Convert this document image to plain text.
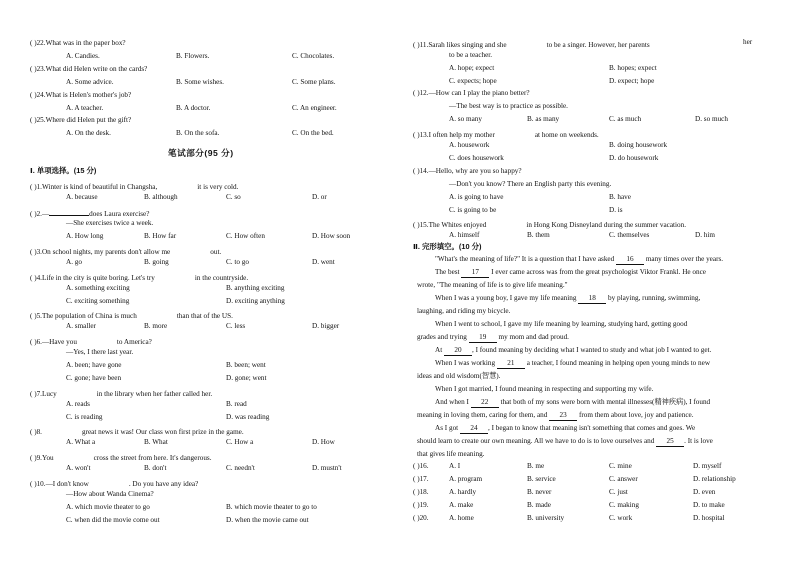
( )22.What was in the paper box?
A. Candies.	B. Flowers.	C. Chocolates.
( )23.What did Helen write on the cards?
A. Some advice.	B. Some wishes.	C. Some plans.
( )24.What is Helen's mother's job?
A. A teacher.	B. A doctor.	C. An engineer.
( )25.Where did Helen put the gift?
A. On the desk.	B. On the sofa.	C. On the bed.
笔试部分(95 分)
Ⅰ. 单项选择。(15 分)
( )1.Winter is kind of beautiful in Changsha,	it is very cold.
A. because	B. although	C. so	D. or
( )2.—	does Laura exercise?
—She exercises twice a week.
A. How long	B. How far	C. How often	D. How soon
( )3.On school nights, my parents don't allow me	out.
A. go	B. going	C. to go	D. went
( )4.Life in the city is quite boring. Let's try	in the countryside.
A. something exciting	B. anything exciting
C. exciting something	D. exciting anything
( )5.The population of China is much	than that of the US.
A. smaller	B. more	C. less	D. bigger
( )6.—Have you	to America?
—Yes, I there last year.
A. been; have gone	B. been; went
C. gone; have been	D. gone; went
( )7.Lucy	in the library when her father called her.
A. reads	B. read
C. is reading	D. was reading
( )8.	great news it was! Our class won first prize in the game.
A. What a	B. What	C. How a	D. How
( )9.You	cross the street from here. It's dangerous.
A. won't	B. don't	C. needn't	D. mustn't
( )10.—I don't know	. Do you have any idea?
—How about Wanda Cinema?
A. which movie theater to go	B. which movie theater to go to
C. when did the movie come out	D. when the movie came out
( )11.Sarah likes singing and she	to be a singer. However, her parents	her
to be a teacher.
A. hope; expect	B. hopes; expect
C. expects; hope	D. expect; hope
( )12.—How can I play the piano better?
—The best way is to practice as possible.
A. so many	B. as many	C. as much	D. so much
( )13.I often help my mother	at home on weekends.
A. housework	B. doing housework
C. does housework	D. do housework
( )14.—Hello, why are you so happy?
—Don't you know? There an English party this evening.
A. is going to have	B. have
C. is going to be	D. is
( )15.The Whites enjoyed	in Hong Kong Disneyland during the summer vacation.
A. himself	B. them	C. themselves	D. him
Ⅱ. 完形填空。(10 分)
"What's the meaning of life?" It is a question that I have asked 16 many times over the years.
The best 17 I ever came across was from the great psychologist Viktor Frankl. He once
wrote, "The meaning of life is to give life meaning."
When I was a young boy, I gave my life meaning 18 by playing, running, swimming,
laughing, and riding my bicycle.
When I went to school, I gave my life meaning by learning, studying hard, getting good
grades and trying 19 my mom and dad proud.
At 20 , I found meaning by deciding what I wanted to study and what job I wanted to get.
When I was working 21 a teacher, I found meaning in helping open young minds to new
ideas and old wisdom(智慧).
When I got married, I found meaning in respecting and supporting my wife.
And when I 22 that both of my sons were born with mental illnesses(精神疾病), I found
meaning in loving them, caring for them, and 23 from them about love, joy and patience.
As I got 24 , I began to know that meaning isn't something that comes and goes. We
should learn to create our own meaning. All we have to do is to love ourselves and 25 . It is love
that gives life meaning.
( )16.	A. I	B. me	C. mine	D. myself
( )17.	A. program	B. service	C. answer	D. relationship
( )18.	A. hardly	B. never	C. just	D. even
( )19.	A. make	B. made	C. making	D. to make
( )20.	A. home	B. university	C. work	D. hospital
